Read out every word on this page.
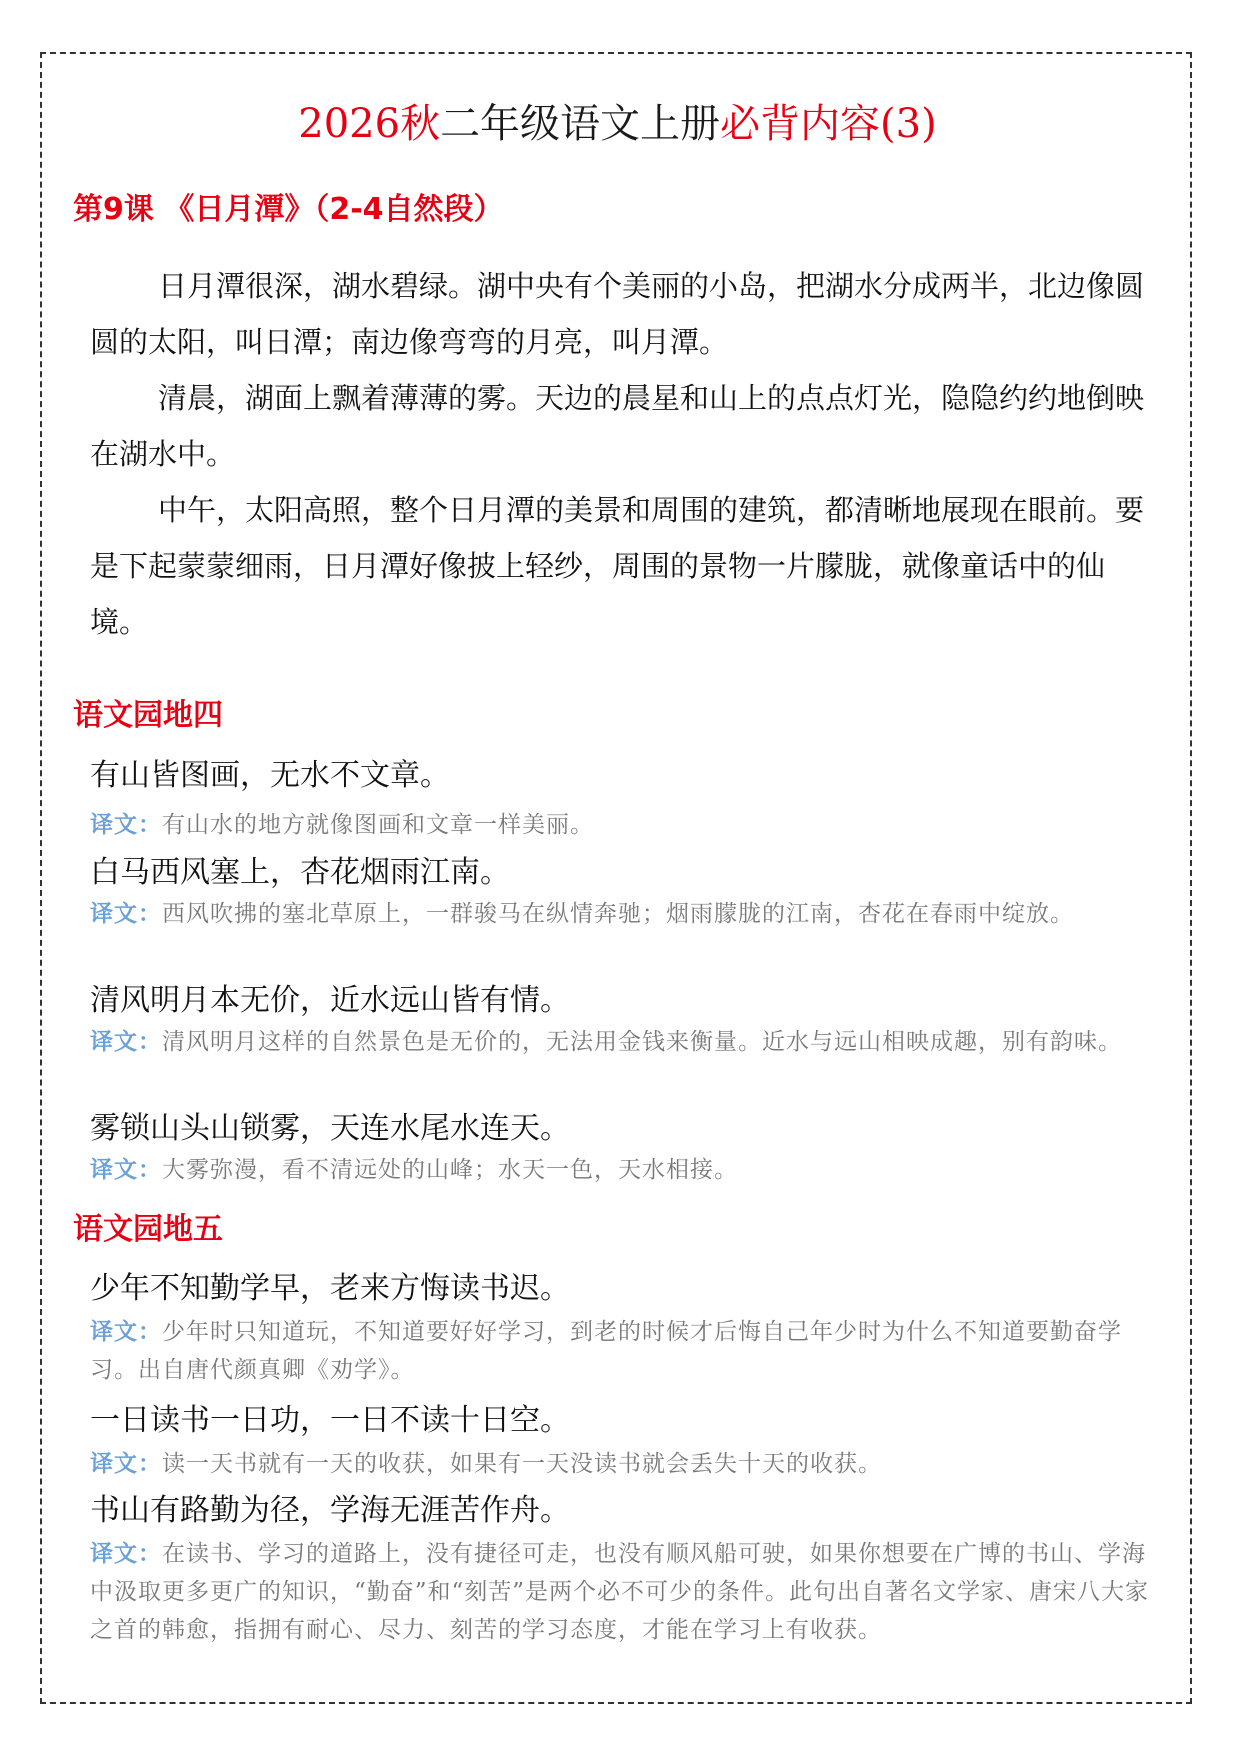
2026秋二年级语文上册必背内容(3)
第9课 《日月潭》（2-4自然段）

日月潭很深，湖水碧绿。湖中央有个美丽的小岛，把湖水分成两半，北边像圆圆的太阳，叫日潭；南边像弯弯的月亮，叫月潭。

清晨，湖面上飘着薄薄的雾。天边的晨星和山上的点点灯光，隐隐约约地倒映在湖水中。

中午，太阳高照，整个日月潭的美景和周围的建筑，都清晰地展现在眼前。要是下起蒙蒙细雨，日月潭好像披上轻纱，周围的景物一片朦胧，就像童话中的仙境。

语文园地四
有山皆图画，无水不文章。

译文：有山水的地方就像图画和文章一样美丽。

白马西风塞上，杏花烟雨江南。

译文：西风吹拂的塞北草原上，一群骏马在纵情奔驰；烟雨朦胧的江南，杏花在春雨中绽放。

清风明月本无价，近水远山皆有情。

译文：清风明月这样的自然景色是无价的，无法用金钱来衡量。近水与远山相映成趣，别有韵味。

雾锁山头山锁雾，天连水尾水连天。

译文：大雾弥漫，看不清远处的山峰；水天一色，天水相接。

语文园地五
少年不知勤学早，老来方悔读书迟。

译文：少年时只知道玩，不知道要好好学习，到老的时候才后悔自己年少时为什么不知道要勤奋学习。出自唐代颜真卿《劝学》。

一日读书一日功，一日不读十日空。

译文：读一天书就有一天的收获，如果有一天没读书就会丢失十天的收获。

书山有路勤为径，学海无涯苦作舟。

译文：在读书、学习的道路上，没有捷径可走，也没有顺风船可驶，如果你想要在广博的书山、学海中汲取更多更广的知识，“勤奋”和“刻苦”是两个必不可少的条件。此句出自著名文学家、唐宋八大家之首的韩愈，指拥有耐心、尽力、刻苦的学习态度，才能在学习上有收获。
